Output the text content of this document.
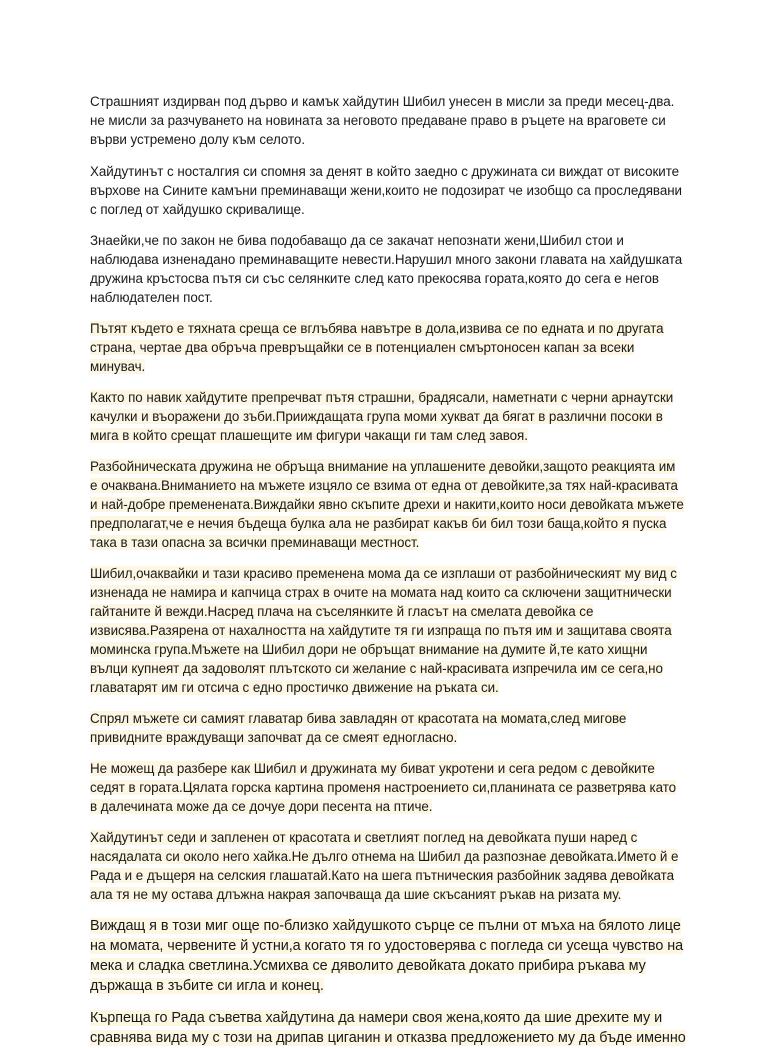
Страшният издирван под дърво и камък хайдутин Шибил унесен в мисли за преди месец-два. не мисли за разчуването на новината за неговото предаване право в ръцете на враговете си върви устремено долу към селото.

Хайдутинът с носталгия си спомня за денят в който заедно с дружината си виждат от високите върхове на Сините камъни преминаващи жени,които не подозират че изобщо са проследявани с поглед от хайдушко скривалище.

Знаейки,че по закон не бива подобаващо да се закачат непознати жени,Шибил стои и наблюдава изненадано преминаващите невести.Нарушил много закони главата на хайдушката дружина кръстосва пътя си със селянките след като прекосява гората,която до сега е негов наблюдателен пост.

Пътят където е тяхната среща се вглъбява навътре в дола,извива се по едната и по другата страна, чертае два обръча превръщайки се в потенциален смъртоносен капан за всеки минувач.

Както по навик хайдутите препречват пътя страшни, брадясали, наметнати с черни арнаутски качулки и въоражени до зъби.Прииждащата група моми хукват да бягат в различни посоки в мига в който срещат плашещите им фигури чакащи ги там след завоя.

Разбойническата дружина не обръща внимание на уплашените девойки,защото реакцията им е очаквана.Вниманието на мъжете изцяло се взима от една от девойките,за тях най-красивата и най-добре пременената.Виждайки явно скъпите дрехи и накити,които носи девойката мъжете предполагат,че е нечия бъдеща булка ала не разбират какъв би бил този баща,който я пуска така в тази опасна за всички преминаващи местност.

Шибил,очаквайки и тази красиво пременена мома да се изплаши от разбойническият му вид с изненада не намира и капчица страх в очите на момата над които са сключени защитнически гайтаните й вежди.Насред плача на съселянките й гласът на смелата девойка се извисява.Разярена от нахалността на хайдутите тя ги изпраща по пътя им и защитава своята моминска група.Мъжете на Шибил дори не обръщат внимание на думите й,те като хищни вълци купнеят да задоволят плътското си желание с най-красивата изпречила им се сега,но главатарят им ги отсича с едно простичко движение на ръката си.

Спрял мъжете си самият главатар бива завладян от красотата на момата,след мигове привидните враждуващи започват да се смеят едногласно.

Не можещ да разбере как Шибил и дружината му биват укротени и сега редом с девойките седят в гората.Цялата горска картина променя настроението си,планината се разветрява като в далечината може да се дочуе дори песента на птиче.

Хайдутинът седи и запленен от красотата и светлият поглед на девойката пуши наред с насядалата си около него хайка.Не дълго отнема на Шибил да разпознае девойката.Името й е Рада и е дъщеря на селския глашатай.Като на шега пътническия разбойник задява девойката ала тя не му остава длъжна накрая започваща да шие скъсаният ръкав на ризата му.

Виждащ я в този миг още по-близко хайдушкото сърце се пълни от мъха на бялото лице на момата, червените й устни,а когато тя го удостоверява с погледа си усеща чувство на мека и сладка светлина.Усмихва се дяволито девойката докато прибира ръкава му държаща в зъбите си игла и конец.

Кърпеща го Рада съветва хайдутина да намери своя жена,която да шие дрехите му и сравнява вида му с този на дрипав циганин и отказва предложението му да бъде именно
